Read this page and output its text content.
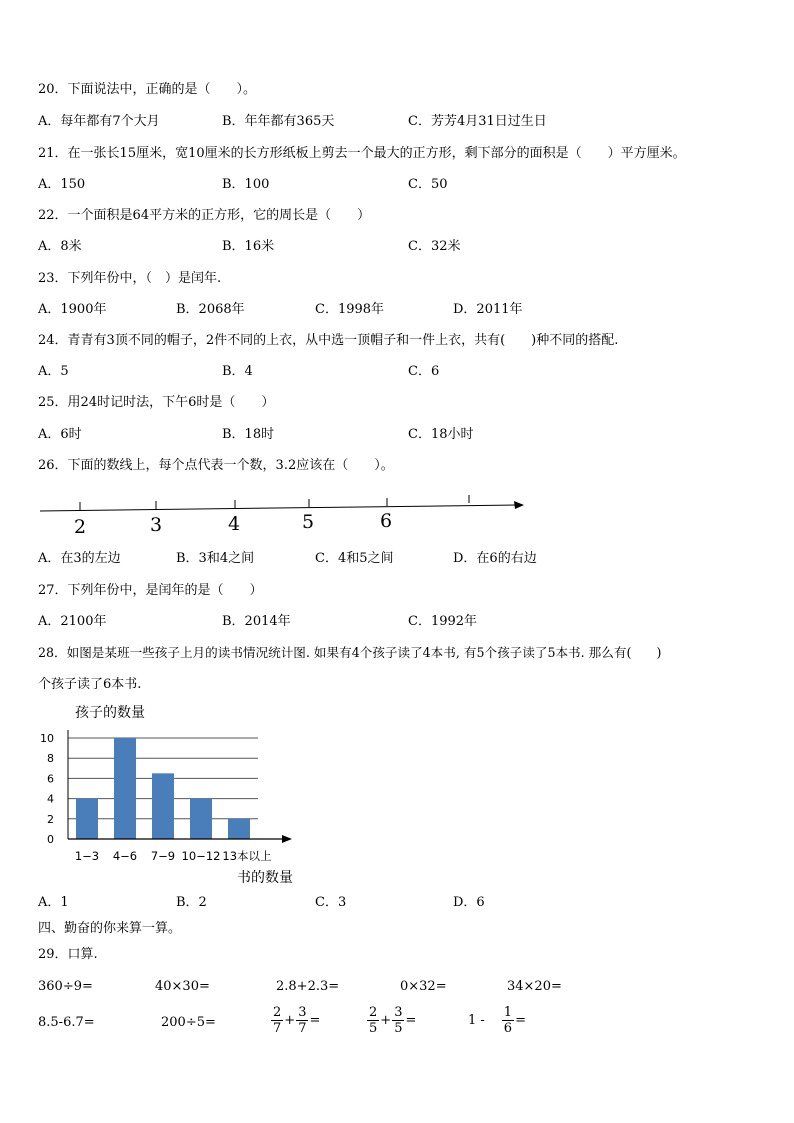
20．下面说法中，正确的是（　　）。
A．每年都有7个大月	B．年年都有365天	C．芳芳4月31日过生日
21．在一张长15厘米，宽10厘米的长方形纸板上剪去一个最大的正方形，剩下部分的面积是（　　）平方厘米。
A．150	B．100	C．50
22．一个面积是64平方米的正方形，它的周长是（　　）
A．8米	B．16米	C．32米
23．下列年份中，（　）是闰年.
A．1900年	B．2068年	C．1998年	D．2011年
24．青青有3顶不同的帽子，2件不同的上衣，从中选一顶帽子和一件上衣，共有(　　)种不同的搭配.
A．5	B．4	C．6
25．用24时记时法，下午6时是（　　）
A．6时	B．18时	C．18小时
26．下面的数线上，每个点代表一个数，3.2应该在（　　）。
2	3	4	5	6
A．在3的左边	B．3和4之间	C．4和5之间	D．在6的右边
27．下列年份中，是闰年的是（　　）
A．2100年	B．2014年	C．1992年
28．如图是某班一些孩子上月的读书情况统计图. 如果有4个孩子读了4本书, 有5个孩子读了5本书. 那么有(　　)
个孩子读了6本书.
孩子的数量
书的数量
0
2
4
6
8
10
1−3 4−6 7−9 10−12 13本以上
A．1	B．2	C．3	D．6
四、勤奋的你来算一算。
29．口算.
360÷9=	40×30=	2.8+2.3=	0×32=	34×20=
8.5-6.7=	200÷5=
2
7
+ $\frac{3}{7}$ =
2
5
+ $\frac{3}{5}$ =	$1 - \frac{1}{6}$ =
